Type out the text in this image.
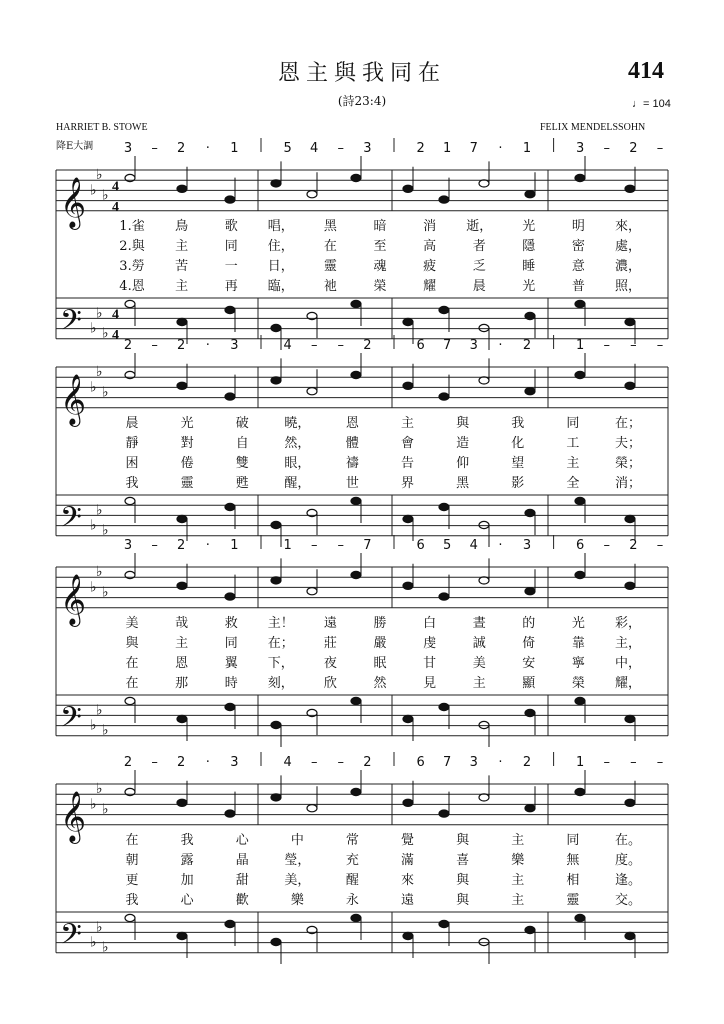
恩主與我同在	414
(詩23:4)	♩= 104
HARRIET B. STOWE	FELIX MENDELSSOHN
降E大調
𝄞
𝄢
♭
♭
♭
♭
♭
♭
4
4
4
4
3 – 2 · 1	5 4 – 3	2 1 7 · 1	3 – 2 –
1.雀 鳥	歌 唱， 黑	暗	消 逝， 光	明 來，
2.與 主	同 住， 在	至	高	者	隱	密 處，
3.勞 苦	一 日， 靈	魂	疲	乏	睡	意 濃，
4.恩 主	再 臨， 祂	榮	耀	晨	光	普 照，
𝄞
𝄢
♭
♭
♭
♭
♭
♭
2 – 2 · 3	4 – – 2	6 7 3 · 2	1 – – –
晨	光	破	曉，	恩	主	與	我	同	在；
靜	對	自	然，	體	會	造	化	工	夫；
困	倦	雙	眼，	禱	告	仰	望	主	榮；
我	靈	甦	醒，	世	界	黑	影	全	消；
𝄞
𝄢
♭
♭
♭
♭
♭
♭
3 – 2 · 1	1 – – 7	6 5 4 · 3	6 – 2 –
美	哉	救 主！ 遠	勝	白	晝	的	光 彩，
與	主	同 在； 莊	嚴	虔	誠	倚	靠 主，
在	恩	翼 下， 夜	眠	甘	美	安	寧 中，
在	那	時 刻， 欣	然	見	主	顯	榮 耀，
𝄞
𝄢
♭
♭
♭
♭
♭
♭
2 – 2 · 3	4 – – 2	6 7 3 · 2	1 – – –
在	我	心	中	常	覺	與	主	同	在。
朝	露	晶	瑩，	充	滿	喜	樂	無	度。
更	加	甜	美，	醒	來	與	主	相	逢。
我	心	歡	樂	永	遠	與	主	靈	交。
